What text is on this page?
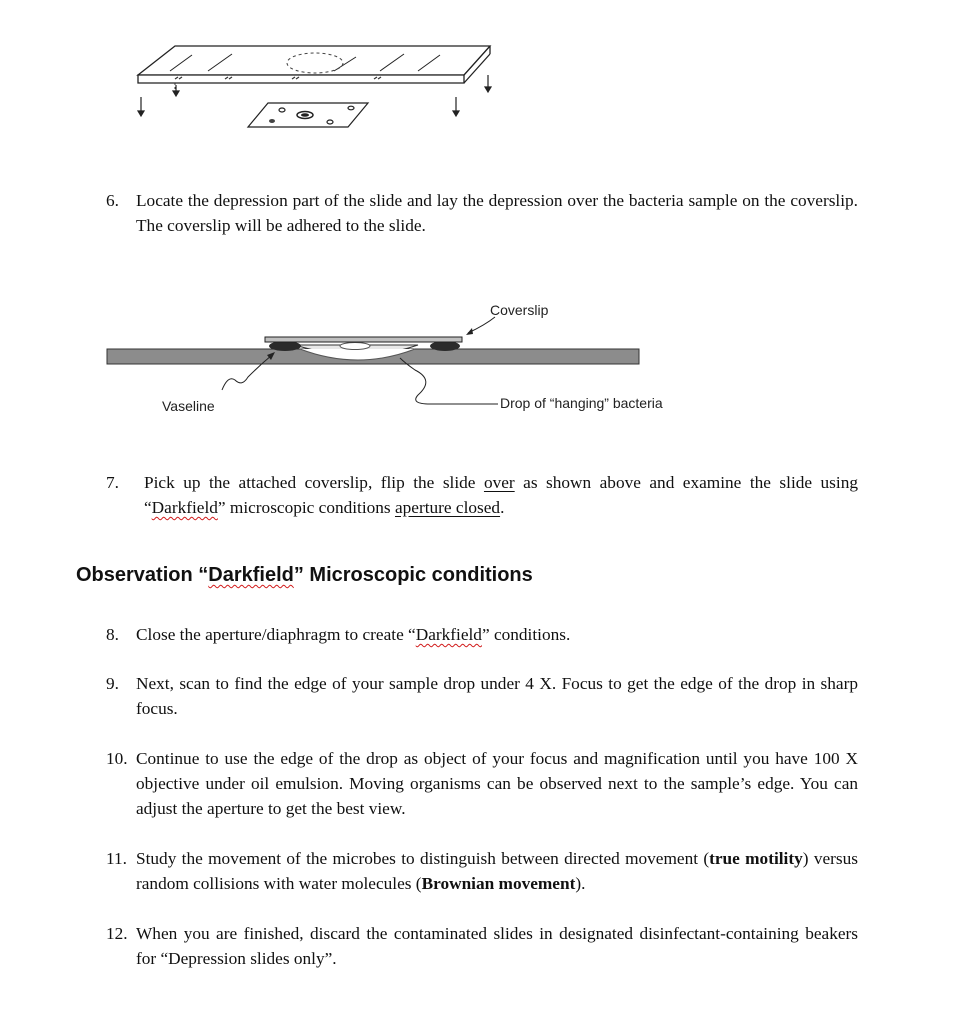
6. Locate the depression part of the slide and lay the depression over the bacteria sample on the coverslip. The coverslip will be adhered to the slide.
Coverslip
Vaseline	Drop of “hanging” bacteria
7. Pick up the attached coverslip, flip the slide over as shown above and examine the slide using “Darkfield” microscopic conditions aperture closed.
Observation “Darkfield” Microscopic conditions
8. Close the aperture/diaphragm to create “Darkfield” conditions.
9. Next, scan to find the edge of your sample drop under 4 X. Focus to get the edge of the drop in sharp focus.
10. Continue to use the edge of the drop as object of your focus and magnification until you have 100 X objective under oil emulsion. Moving organisms can be observed next to the sample’s edge. You can adjust the aperture to get the best view.
11. Study the movement of the microbes to distinguish between directed movement (true motility) versus random collisions with water molecules (Brownian movement).
12. When you are finished, discard the contaminated slides in designated disinfectant-containing beakers for “Depression slides only”.
